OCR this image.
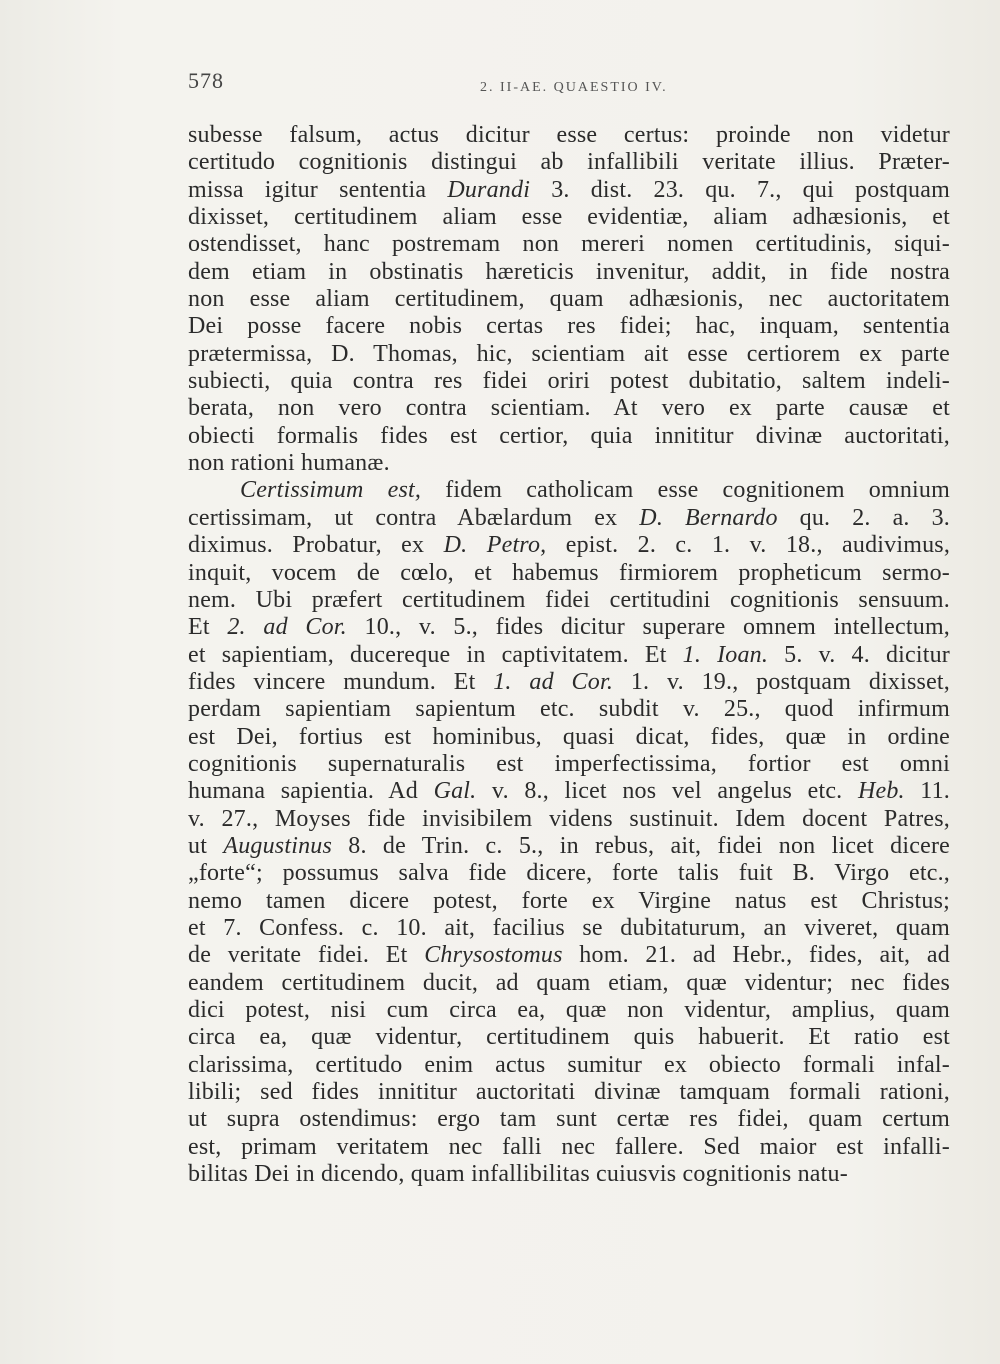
578	2. II-AE. QUAESTIO IV.
subesse falsum, actus dicitur esse certus: proinde non videtur
certitudo cognitionis distingui ab infallibili veritate illius. Præter-
missa igitur sententia Durandi 3. dist. 23. qu. 7., qui postquam
dixisset, certitudinem aliam esse evidentiæ, aliam adhæsionis, et
ostendisset, hanc postremam non mereri nomen certitudinis, siqui-
dem etiam in obstinatis hæreticis invenitur, addit, in fide nostra
non esse aliam certitudinem, quam adhæsionis, nec auctoritatem
Dei posse facere nobis certas res fidei; hac, inquam, sententia
prætermissa, D. Thomas, hic, scientiam ait esse certiorem ex parte
subiecti, quia contra res fidei oriri potest dubitatio, saltem indeli-
berata, non vero contra scientiam. At vero ex parte causæ et
obiecti formalis fides est certior, quia innititur divinæ auctoritati,
non rationi humanæ.
Certissimum est, fidem catholicam esse cognitionem omnium
certissimam, ut contra Abælardum ex D. Bernardo qu. 2. a. 3.
diximus. Probatur, ex D. Petro, epist. 2. c. 1. v. 18., audivimus,
inquit, vocem de cœlo, et habemus firmiorem propheticum sermo-
nem. Ubi præfert certitudinem fidei certitudini cognitionis sensuum.
Et 2. ad Cor. 10., v. 5., fides dicitur superare omnem intellectum,
et sapientiam, ducereque in captivitatem. Et 1. Ioan. 5. v. 4. dicitur
fides vincere mundum. Et 1. ad Cor. 1. v. 19., postquam dixisset,
perdam sapientiam sapientum etc. subdit v. 25., quod infirmum
est Dei, fortius est hominibus, quasi dicat, fides, quæ in ordine
cognitionis supernaturalis est imperfectissima, fortior est omni
humana sapientia. Ad Gal. v. 8., licet nos vel angelus etc. Heb. 11.
v. 27., Moyses fide invisibilem videns sustinuit. Idem docent Patres,
ut Augustinus 8. de Trin. c. 5., in rebus, ait, fidei non licet dicere
„forte“; possumus salva fide dicere, forte talis fuit B. Virgo etc.,
nemo tamen dicere potest, forte ex Virgine natus est Christus;
et 7. Confess. c. 10. ait, facilius se dubitaturum, an viveret, quam
de veritate fidei. Et Chrysostomus hom. 21. ad Hebr., fides, ait, ad
eandem certitudinem ducit, ad quam etiam, quæ videntur; nec fides
dici potest, nisi cum circa ea, quæ non videntur, amplius, quam
circa ea, quæ videntur, certitudinem quis habuerit. Et ratio est
clarissima, certitudo enim actus sumitur ex obiecto formali infal-
libili; sed fides innititur auctoritati divinæ tamquam formali rationi,
ut supra ostendimus: ergo tam sunt certæ res fidei, quam certum
est, primam veritatem nec falli nec fallere. Sed maior est infalli-
bilitas Dei in dicendo, quam infallibilitas cuiusvis cognitionis natu-
